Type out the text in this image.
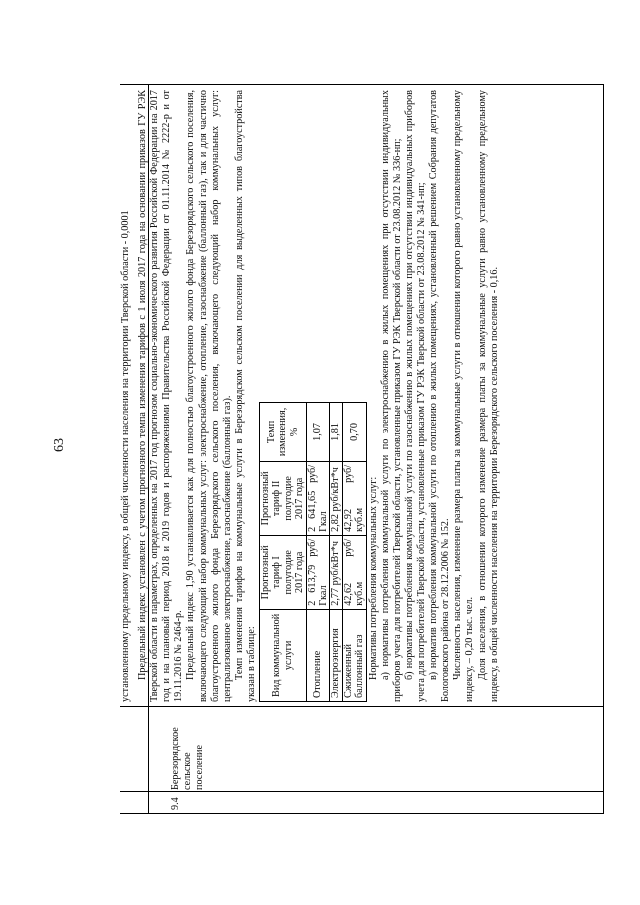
63
9.4
Березорядское сельское поселение

установленному предельному индексу, в общей численности населения на территории Тверской области - 0,0001 Предельный индекс установлен с учетом прогнозного темпа изменения тарифов с 1 июля 2017 года на основании приказов ГУ РЭК Тверской области в параметрах, определенных на 2017 год прогнозом социально-экономического развития Российской Федерации на 2017 год и на плановый период 2018 и 2019 годов и распоряжениями Правительства Российской Федерации от 01.11.2014 № 2222-р и от 19.11.2016 № 2464-р. Предельный индекс 1,90 устанавливается как для полностью благоустроенного жилого фонда Березорядского сельского поселения, включающего следующий набор коммунальных услуг: электроснабжение, отопление, газоснабжение (баллонный газ), так и для частично благоустроенного жилого фонда Березорядского сельского поселения, включающего следующий набор коммунальных услуг: централизованное электроснабжение, газоснабжение (баллонный газ). Темп изменения тарифов на коммунальные услуги в Березорядском сельском поселении для выделенных типов благоустройства указан в таблице: Вид коммунальной услуги	Прогнозный тариф I полугодие 2017 года	Прогнозный тариф II полугодие 2017 года	Темп изменения, %
Отопление	2 613,79 руб/Гкал	2 641,65 руб/Гкал	1,07
Электроэнергия	2,77 руб/кВт*ч	2,82 руб/кВт*ч	1,81
Сжиженный баллонный газ	42,62 руб/куб.м	42,92 руб/куб.м	0,70

Нормативы потребления коммунальных услуг: а) нормативы потребления коммунальной услуги по электроснабжению в жилых помещениях при отсутствии индивидуальных приборов учета для потребителей Тверской области, установленные приказом ГУ РЭК Тверской области от 23.08.2012 № 336-нп; б) нормативы потребления коммунальной услуги по газоснабжению в жилых помещениях при отсутствии индивидуальных приборов учета для потребителей Тверской области, установленные приказом ГУ РЭК Тверской области от 23.08.2012 № 341-нп; в) норматив потребления коммунальной услуги по отоплению в жилых помещениях, установленный решением Собрания депутатов Бологовского района от 28.12.2006 № 152. Численность населения, изменение размера платы за коммунальные услуги в отношении которого равно установленному предельному индексу, – 0,20 тыс. чел. Доля населения, в отношении которого изменение размера платы за коммунальные услуги равно установленному предельному индексу, в общей численности населения на территории Березорядского сельского поселения - 0,16.
